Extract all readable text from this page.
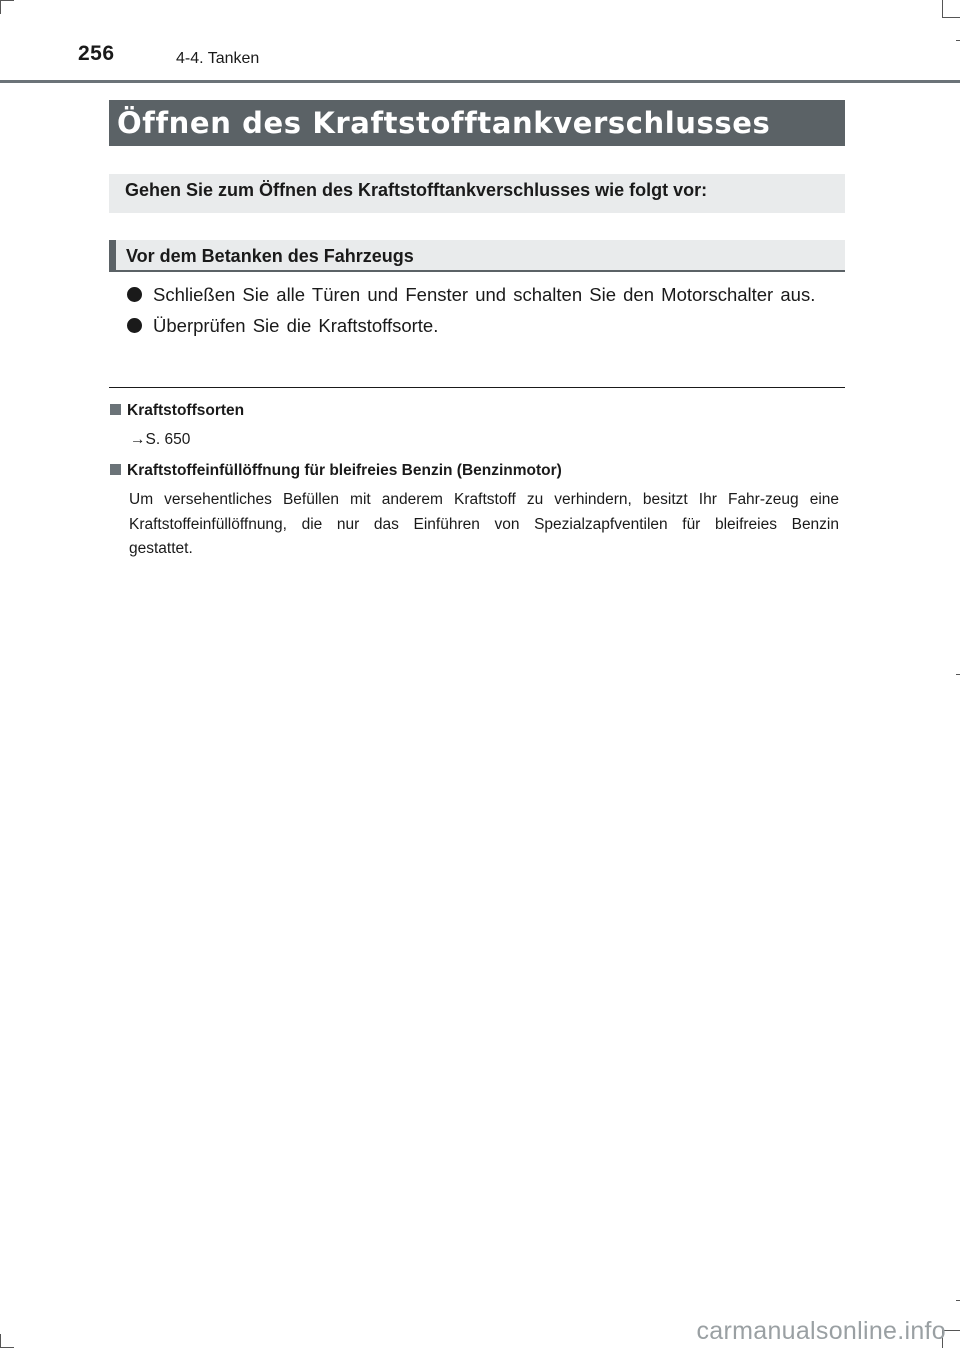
256	4-4. Tanken
Öffnen des Kraftstofftankverschlusses
Gehen Sie zum Öffnen des Kraftstofftankverschlusses wie folgt vor:
Vor dem Betanken des Fahrzeugs
Schließen Sie alle Türen und Fenster und schalten Sie den Motorschalter aus.
Überprüfen Sie die Kraftstoffsorte.
Kraftstoffsorten
→S. 650
Kraftstoffeinfüllöffnung für bleifreies Benzin (Benzinmotor)
Um versehentliches Befüllen mit anderem Kraftstoff zu verhindern, besitzt Ihr Fahr-zeug eine Kraftstoffeinfüllöffnung, die nur das Einführen von Spezialzapfventilen für bleifreies Benzin gestattet.
carmanualsonline.info
